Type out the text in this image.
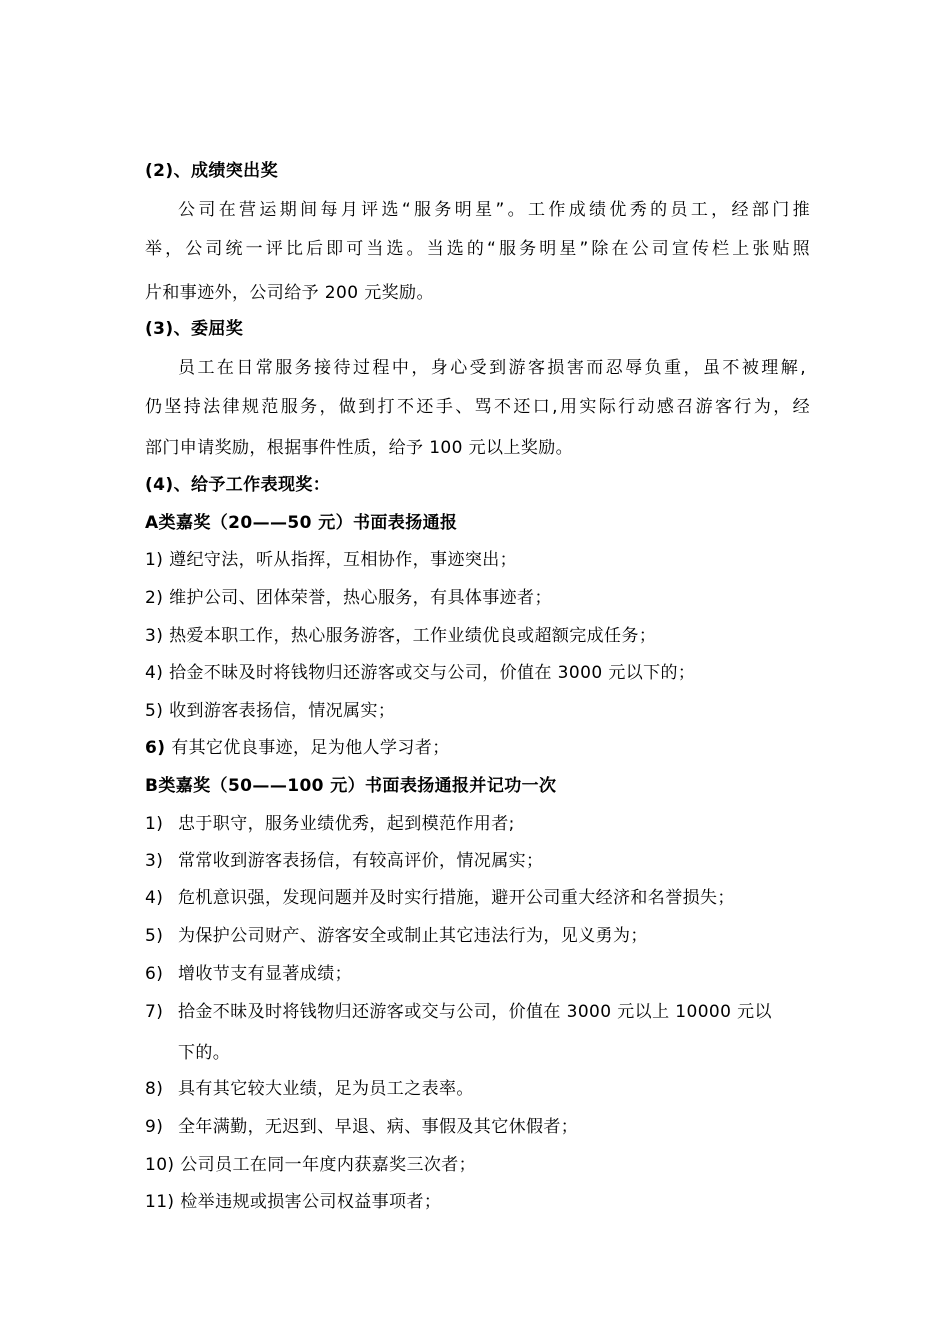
(2)、成绩突出奖
公司在营运期间每月评选“服务明星”。工作成绩优秀的员工，经部门推
举，公司统一评比后即可当选。当选的“服务明星”除在公司宣传栏上张贴照
片和事迹外，公司给予 200 元奖励。
(3)、委屈奖
员工在日常服务接待过程中，身心受到游客损害而忍辱负重，虽不被理解,
仍坚持法律规范服务，做到打不还手、骂不还口,用实际行动感召游客行为，经
部门申请奖励，根据事件性质，给予 100 元以上奖励。
(4)、给予工作表现奖：
A类嘉奖（20——50 元）书面表扬通报
1)
遵纪守法，听从指挥，互相协作，事迹突出；
2)
维护公司、团体荣誉，热心服务，有具体事迹者；
3)
热爱本职工作，热心服务游客，工作业绩优良或超额完成任务；
4)
拾金不昧及时将钱物归还游客或交与公司，价值在 3000 元以下的；
5)
收到游客表扬信，情况属实；
6)
有其它优良事迹，足为他人学习者；
B类嘉奖（50——100 元）书面表扬通报并记功一次
1) 忠于职守，服务业绩优秀，起到模范作用者;
3) 常常收到游客表扬信，有较高评价，情况属实；
4) 危机意识强，发现问题并及时实行措施，避开公司重大经济和名誉损失；
5) 为保护公司财产、游客安全或制止其它违法行为，见义勇为；
6) 增收节支有显著成绩；
7) 拾金不昧及时将钱物归还游客或交与公司，价值在 3000 元以上 10000 元以
下的。
8) 具有其它较大业绩，足为员工之表率。
9) 全年满勤，无迟到、早退、病、事假及其它休假者；
10)
公司员工在同一年度内获嘉奖三次者；
11)
检举违规或损害公司权益事项者；
